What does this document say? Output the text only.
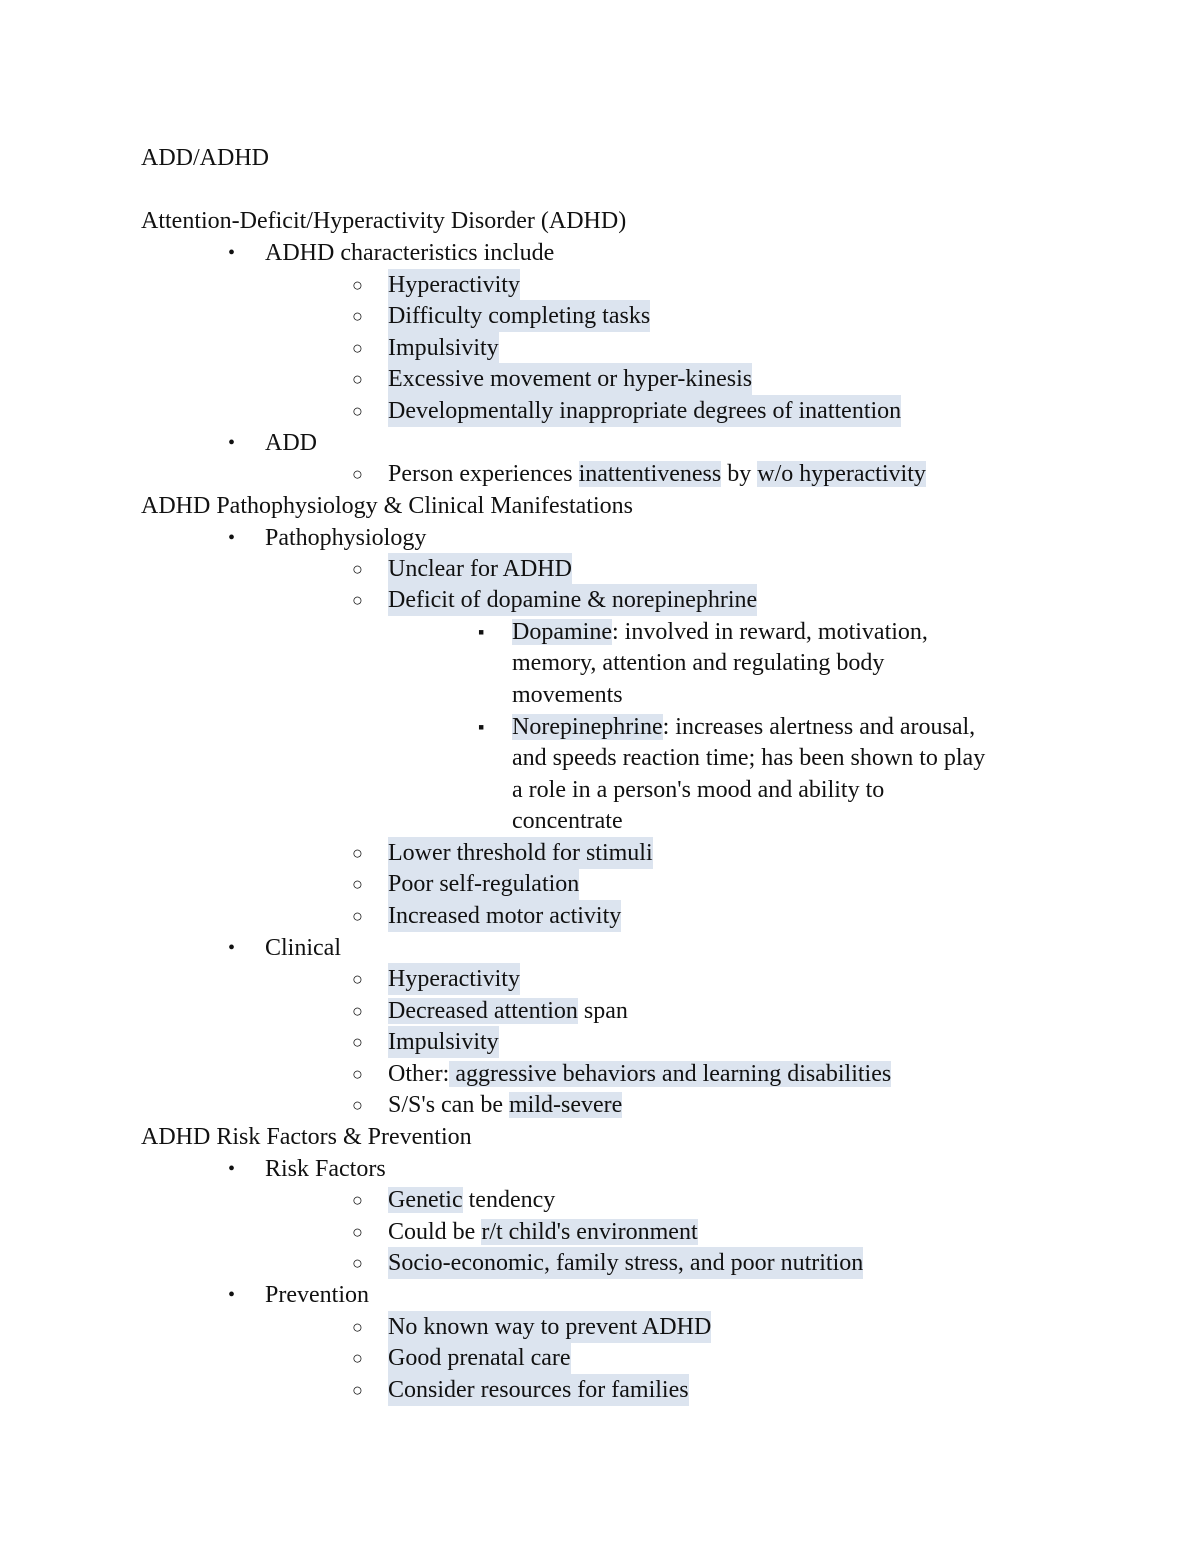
ADD/ADHD
Attention-Deficit/Hyperactivity Disorder (ADHD)
• ADHD characteristics include
○ Hyperactivity
○ Difficulty completing tasks
○ Impulsivity
○ Excessive movement or hyper-kinesis
○ Developmentally inappropriate degrees of inattention
• ADD
○ Person experiences inattentiveness by w/o hyperactivity
ADHD Pathophysiology & Clinical Manifestations
• Pathophysiology
○ Unclear for ADHD
○ Deficit of dopamine & norepinephrine
▪ Dopamine: involved in reward, motivation,
memory, attention and regulating body
movements
▪ Norepinephrine: increases alertness and arousal,
and speeds reaction time; has been shown to play
a role in a person's mood and ability to
concentrate
○ Lower threshold for stimuli
○ Poor self-regulation
○ Increased motor activity
• Clinical
○ Hyperactivity
○ Decreased attention span
○ Impulsivity
○ Other: aggressive behaviors and learning disabilities
○ S/S's can be mild-severe
ADHD Risk Factors & Prevention
• Risk Factors
○ Genetic tendency
○ Could be r/t child's environment
○ Socio-economic, family stress, and poor nutrition
• Prevention
○ No known way to prevent ADHD
○ Good prenatal care
○ Consider resources for families
